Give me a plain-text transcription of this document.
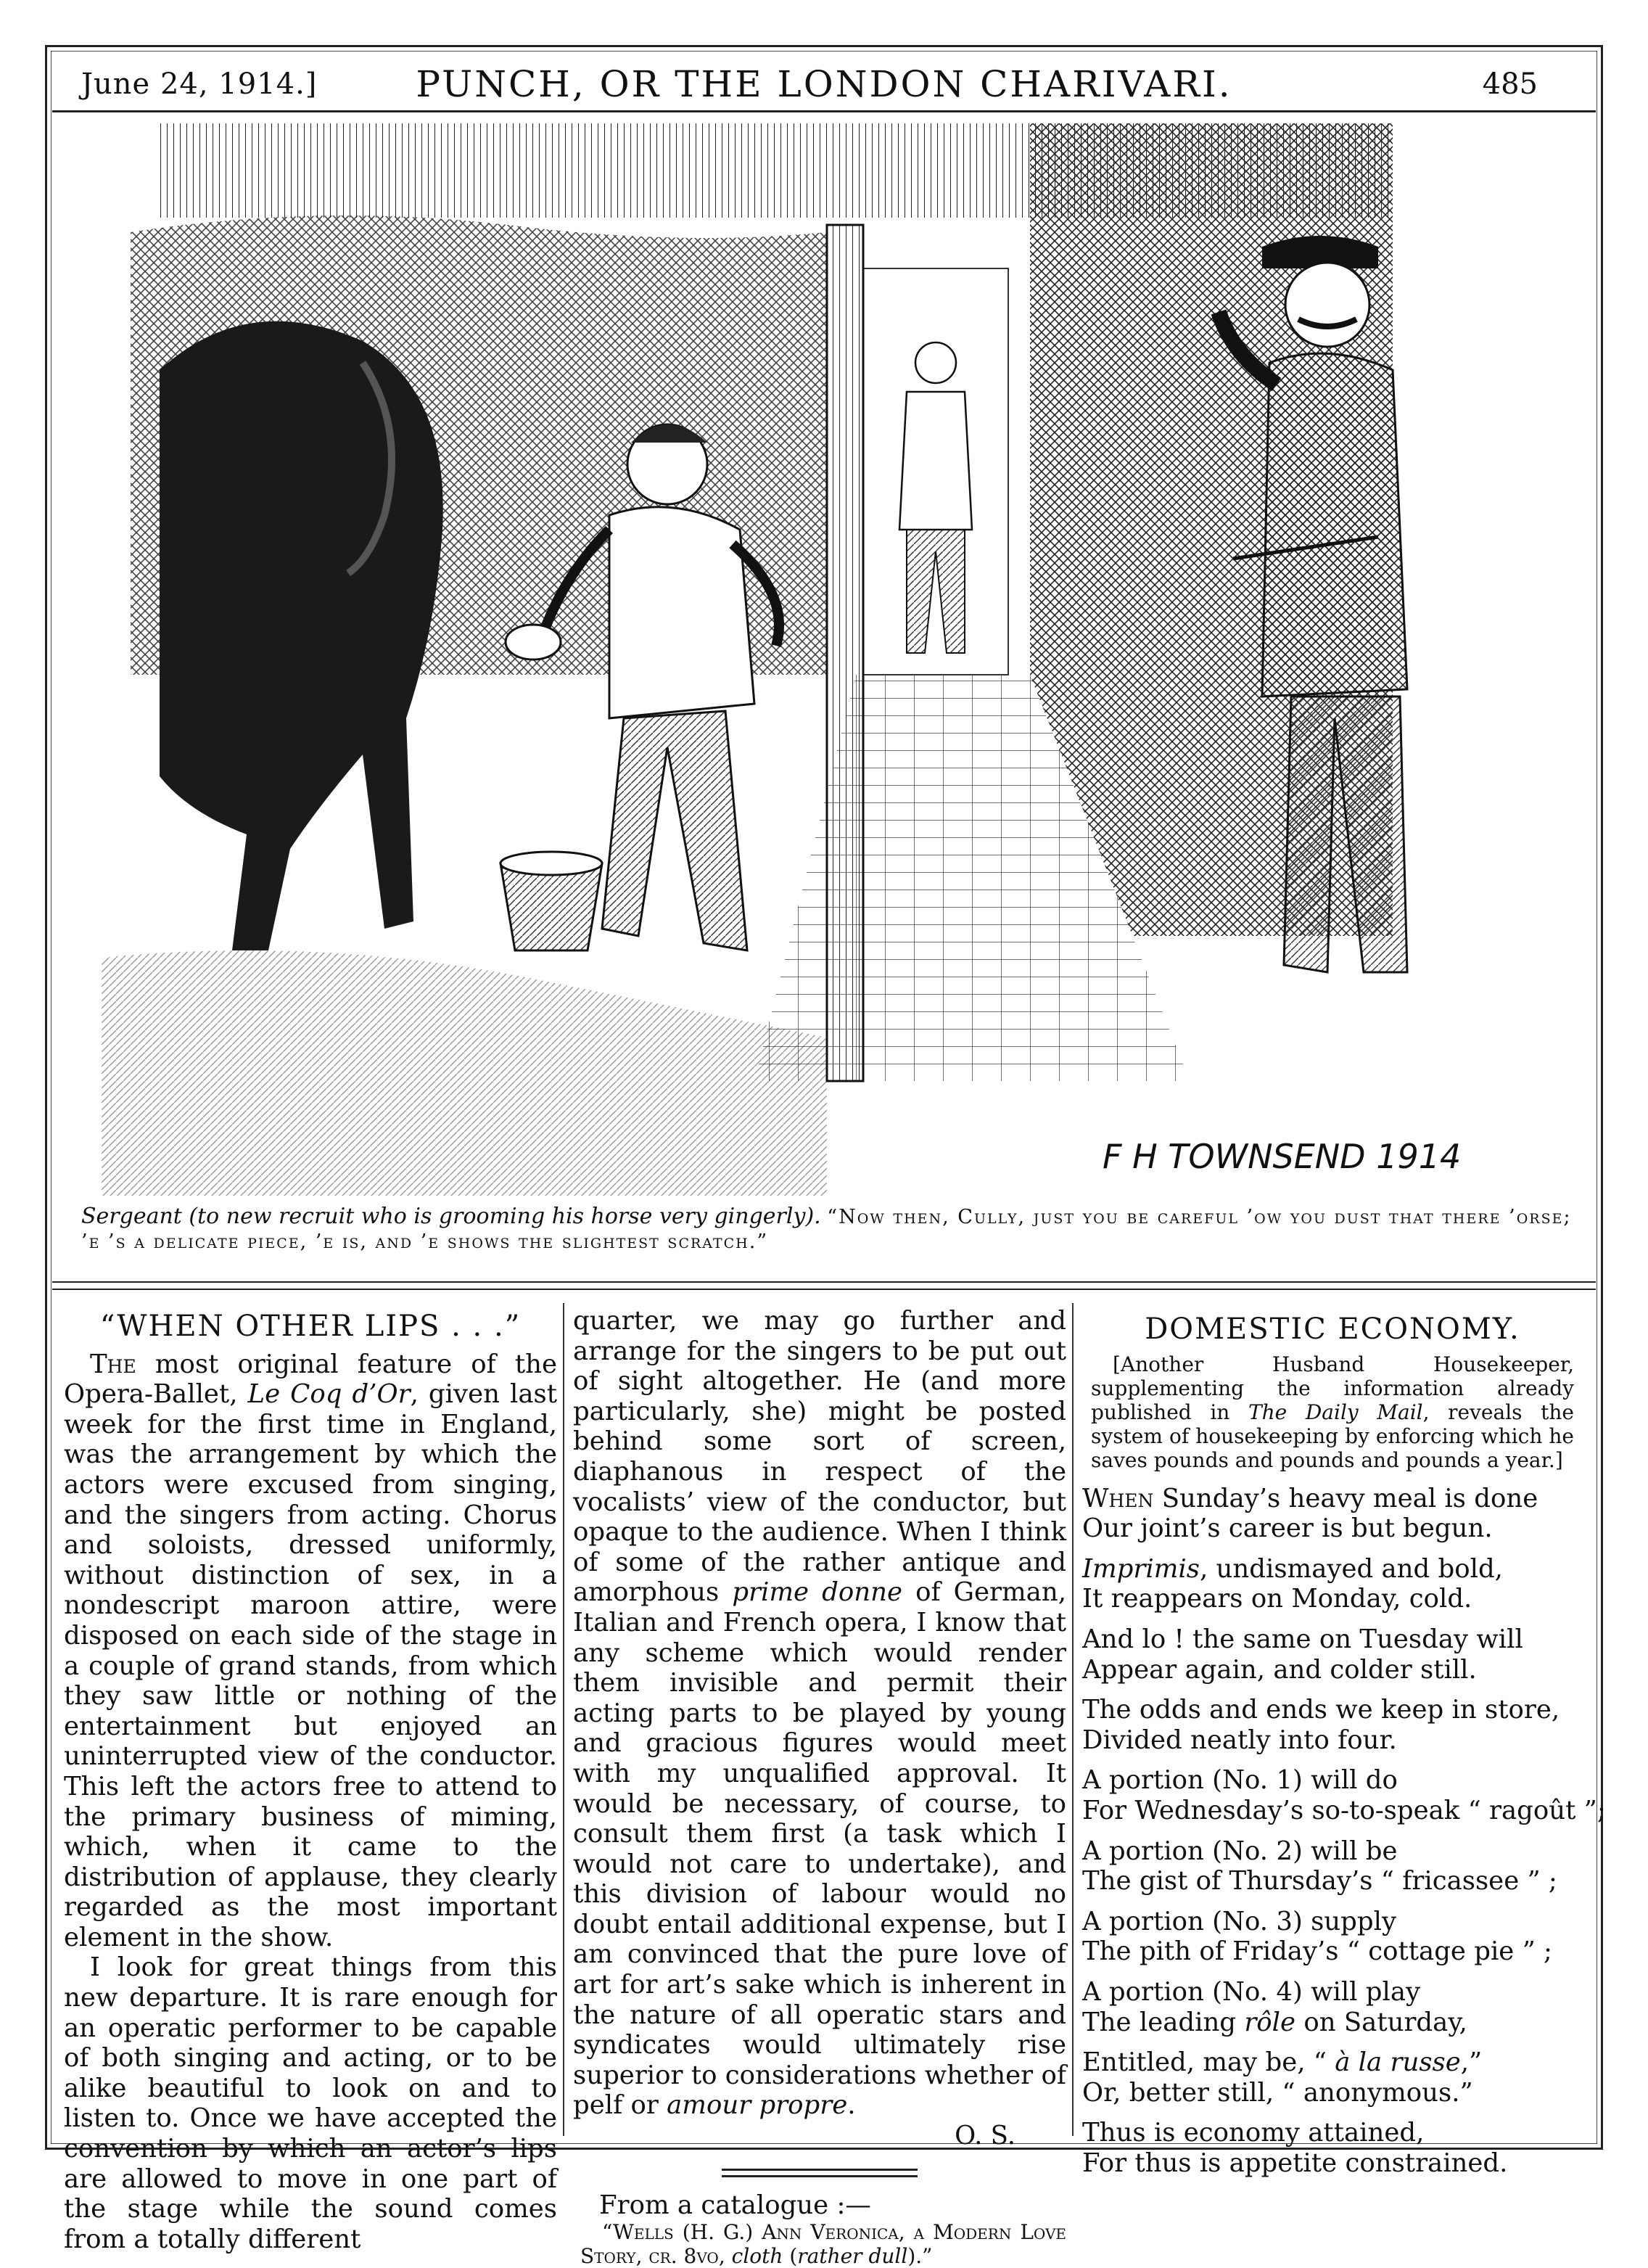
June 24, 1914.]	PUNCH, OR THE LONDON CHARIVARI.	485
F H TOWNSEND 1914
Sergeant (to new recruit who is grooming his horse very gingerly). “Now then, Cully, just you be careful ’ow you dust that there ’orse; ’e ’s a delicate piece, ’e is, and ’e shows the slightest scratch.”
“WHEN OTHER LIPS . . .”

The most original feature of the Opera-Ballet, Le Coq d’Or, given last week for the first time in England, was the arrangement by which the actors were excused from singing, and the singers from acting. Chorus and soloists, dressed uniformly, without distinction of sex, in a nondescript maroon attire, were disposed on each side of the stage in a couple of grand stands, from which they saw little or nothing of the entertainment but enjoyed an uninterrupted view of the conductor. This left the actors free to attend to the primary business of miming, which, when it came to the distribution of applause, they clearly regarded as the most important element in the show.

I look for great things from this new departure. It is rare enough for an operatic performer to be capable of both singing and acting, or to be alike beautiful to look on and to listen to. Once we have accepted the convention by which an actor’s lips are allowed to move in one part of the stage while the sound comes from a totally different

quarter, we may go further and arrange for the singers to be put out of sight altogether. He (and more particularly, she) might be posted behind some sort of screen, diaphanous in respect of the vocalists’ view of the conductor, but opaque to the audience. When I think of some of the rather antique and amorphous prime donne of German, Italian and French opera, I know that any scheme which would render them invisible and permit their acting parts to be played by young and gracious figures would meet with my unqualified approval. It would be necessary, of course, to consult them first (a task which I would not care to undertake), and this division of labour would no doubt entail additional expense, but I am convinced that the pure love of art for art’s sake which is inherent in the nature of all operatic stars and syndicates would ultimately rise superior to considerations whether of pelf or amour propre.

O. S.

From a catalogue :—

“Wells (H. G.) Ann Veronica, a Modern Love Story, cr. 8vo, cloth (rather dull).”

DOMESTIC ECONOMY.

[Another Husband Housekeeper, supplementing the information already published in The Daily Mail, reveals the system of housekeeping by enforcing which he saves pounds and pounds and pounds a year.]

When Sunday’s heavy meal is done
Our joint’s career is but begun.
Imprimis, undismayed and bold,
It reappears on Monday, cold.
And lo ! the same on Tuesday will
Appear again, and colder still.
The odds and ends we keep in store,
Divided neatly into four.
A portion (No. 1) will do
For Wednesday’s so-to-speak “ ragoût ”;
A portion (No. 2) will be
The gist of Thursday’s “ fricassee ” ;
A portion (No. 3) supply
The pith of Friday’s “ cottage pie ” ;
A portion (No. 4) will play
The leading rôle on Saturday,
Entitled, may be, “ à la russe,”
Or, better still, “ anonymous.”
Thus is economy attained,
For thus is appetite constrained.
